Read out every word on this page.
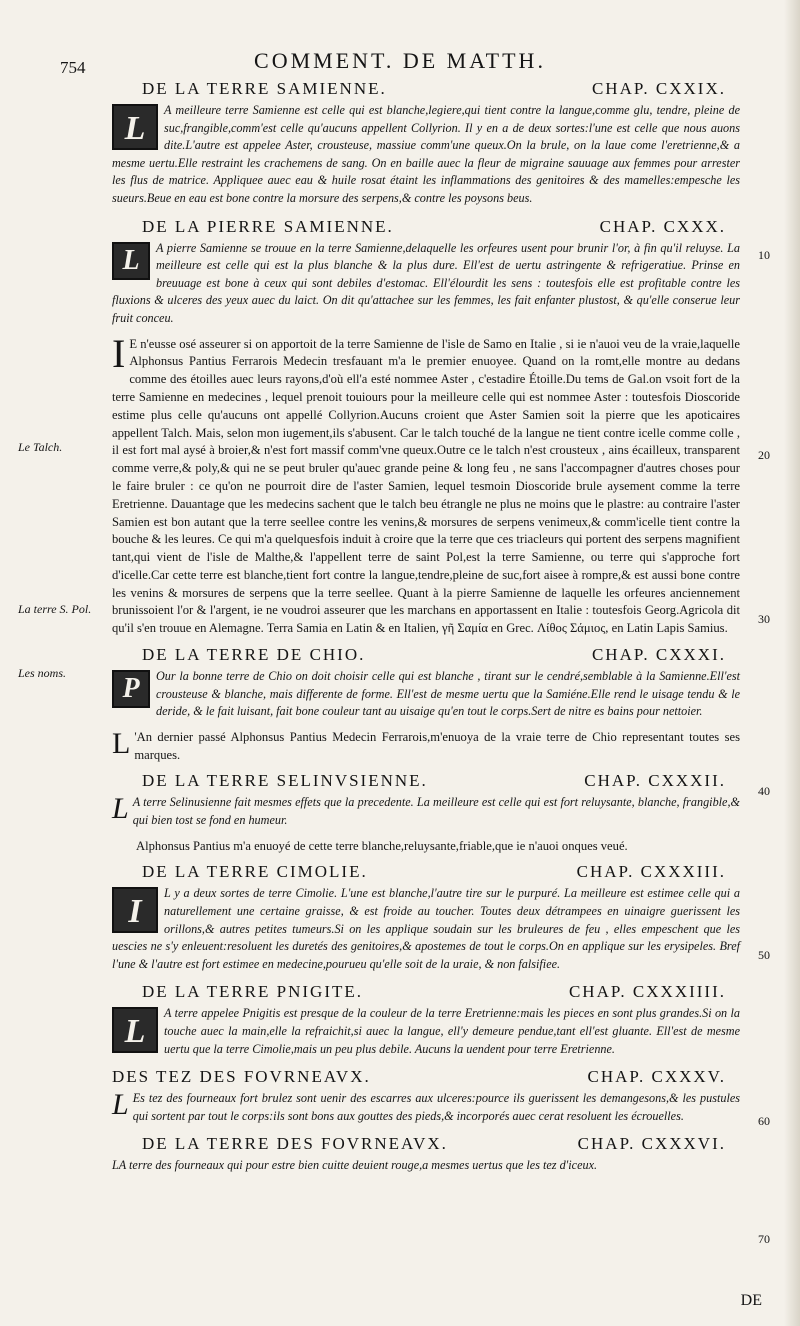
754	COMMENT. DE MATTH.
Le Talch.
La terre S. Pol.
Les noms.
10
20
30
40
50
60
70
DE LA TERRE SAMIENNE.	CHAP. CXXIX.
L	A meilleure terre Samienne est celle qui est blanche,legiere,qui tient contre la langue,comme glu, tendre, pleine de suc,frangible,comm'est celle qu'aucuns appellent Collyrion. Il y en a de deux sortes:l'une est celle que nous auons dite.L'autre est appelee Aster, crousteuse, massiue comm'une queux.On la brule, on la laue come l'eretrienne,& a mesme uertu.Elle restraint les crachemens de sang. On en baille auec la fleur de migraine sauuage aux femmes pour arrester les flus de matrice. Appliquee auec eau & huile rosat étaint les inflammations des genitoires & des mamelles:empesche les sueurs.Beue en eau est bone contre la morsure des serpens,& contre les poysons beus.
DE LA PIERRE SAMIENNE.	CHAP. CXXX.
L	A pierre Samienne se trouue en la terre Samienne,delaquelle les orfeures usent pour brunir l'or, à fin qu'il reluyse. La meilleure est celle qui est la plus blanche & la plus dure. Ell'est de uertu astringente & refrigeratiue. Prinse en breuuage est bone à ceux qui sont debiles d'estomac. Ell'élourdit les sens : toutesfois elle est profitable contre les fluxions & ulceres des yeux auec du laict. On dit qu'attachee sur les femmes, les fait enfanter plustost, & qu'elle conserue leur fruit conceu.
I E n'eusse osé asseurer si on apportoit de la terre Samienne de l'isle de Samo en Italie , si ie n'auoi veu de la vraie,laquelle Alphonsus Pantius Ferrarois Medecin tresfauant m'a le premier enuoyee. Quand on la romt,elle montre au dedans comme des étoilles auec leurs rayons,d'où ell'a esté nommee Aster , c'estadire Étoille.Du tems de Gal.on vsoit fort de la terre Samienne en medecines , lequel prenoit touiours pour la meilleure celle qui est nommee Aster : toutesfois Dioscoride estime plus celle qu'aucuns ont appellé Collyrion.Aucuns croient que Aster Samien soit la pierre que les apoticaires appellent Talch. Mais, selon mon iugement,ils s'abusent. Car le talch touché de la langue ne tient contre icelle comme colle , il est fort mal aysé à broier,& n'est fort massif comm'vne queux.Outre ce le talch n'est crousteux , ains écailleux, transparent comme verre,& poly,& qui ne se peut bruler qu'auec grande peine & long feu , ne sans l'accompagner d'autres choses pour le faire bruler : ce qu'on ne pourroit dire de l'aster Samien, lequel tesmoin Dioscoride brule aysement comme la terre Eretrienne. Dauantage que les medecins sachent que le talch beu étrangle ne plus ne moins que le plastre: au contraire l'aster Samien est bon autant que la terre seellee contre les venins,& morsures de serpens venimeux,& comm'icelle tient contre la bouche & les leures. Ce qui m'a quelquesfois induit à croire que la terre que ces triacleurs qui portent des serpens magnifient tant,qui vient de l'isle de Malthe,& l'appellent terre de saint Pol,est la terre Samienne, ou terre qui s'approche fort d'icelle.Car cette terre est blanche,tient fort contre la langue,tendre,pleine de suc,fort aisee à rompre,& est aussi bone contre les venins & morsures de serpens que la terre seellee. Quant à la pierre Samienne de laquelle les orfeures anciennement brunissoient l'or & l'argent, ie ne voudroi asseurer que les marchans en apportassent en Italie : toutesfois Georg.Agricola dit qu'il s'en trouue en Alemagne. Terra Samia en Latin & en Italien, γῆ Σαμία en Grec. Λίθος Σάμιος, en Latin Lapis Samius.
DE LA TERRE DE CHIO.	CHAP. CXXXI.
P	Our la bonne terre de Chio on doit choisir celle qui est blanche , tirant sur le cendré,semblable à la Samienne.Ell'est crousteuse & blanche, mais differente de forme. Ell'est de mesme uertu que la Samiéne.Elle rend le uisage tendu & le deride, & le fait luisant, fait bone couleur tant au uisaige qu'en tout le corps.Sert de nitre es bains pour nettoier.
L 'An dernier passé Alphonsus Pantius Medecin Ferrarois,m'enuoya de la vraie terre de Chio representant toutes ses marques.
DE LA TERRE SELINVSIENNE.	CHAP. CXXXII.
L A terre Selinusienne fait mesmes effets que la precedente. La meilleure est celle qui est fort reluysante, blanche, frangible,& qui bien tost se fond en humeur.
Alphonsus Pantius m'a enuoyé de cette terre blanche,reluysante,friable,que ie n'auoi onques veué.
DE LA TERRE CIMOLIE.	CHAP. CXXXIII.
I	L y a deux sortes de terre Cimolie. L'une est blanche,l'autre tire sur le purpuré. La meilleure est estimee celle qui a naturellement une certaine graisse, & est froide au toucher. Toutes deux détrampees en uinaigre guerissent les orillons,& autres petites tumeurs.Si on les applique soudain sur les bruleures de feu , elles empeschent que les uescies ne s'y enleuent:resoluent les duretés des genitoires,& apostemes de tout le corps.On en applique sur les erysipeles. Bref l'une & l'autre est fort estimee en medecine,pourueu qu'elle soit de la uraie, & non falsifiee.
DE LA TERRE PNIGITE.	CHAP. CXXXIIII.
L	A terre appelee Pnigitis est presque de la couleur de la terre Eretrienne:mais les pieces en sont plus grandes.Si on la touche auec la main,elle la refraichit,si auec la langue, ell'y demeure pendue,tant ell'est gluante. Ell'est de mesme uertu que la terre Cimolie,mais un peu plus debile. Aucuns la uendent pour terre Eretrienne.
DES TEZ DES FOVRNEAVX.	CHAP. CXXXV.
L Es tez des fourneaux fort brulez sont uenir des escarres aux ulceres:pource ils guerissent les demangesons,& les pustules qui sortent par tout le corps:ils sont bons aux gouttes des pieds,& incorporés auec cerat resoluent les écrouelles.
DE LA TERRE DES FOVRNEAVX.	CHAP. CXXXVI.
LA terre des fourneaux qui pour estre bien cuitte deuient rouge,a mesmes uertus que les tez d'iceux.
DE
